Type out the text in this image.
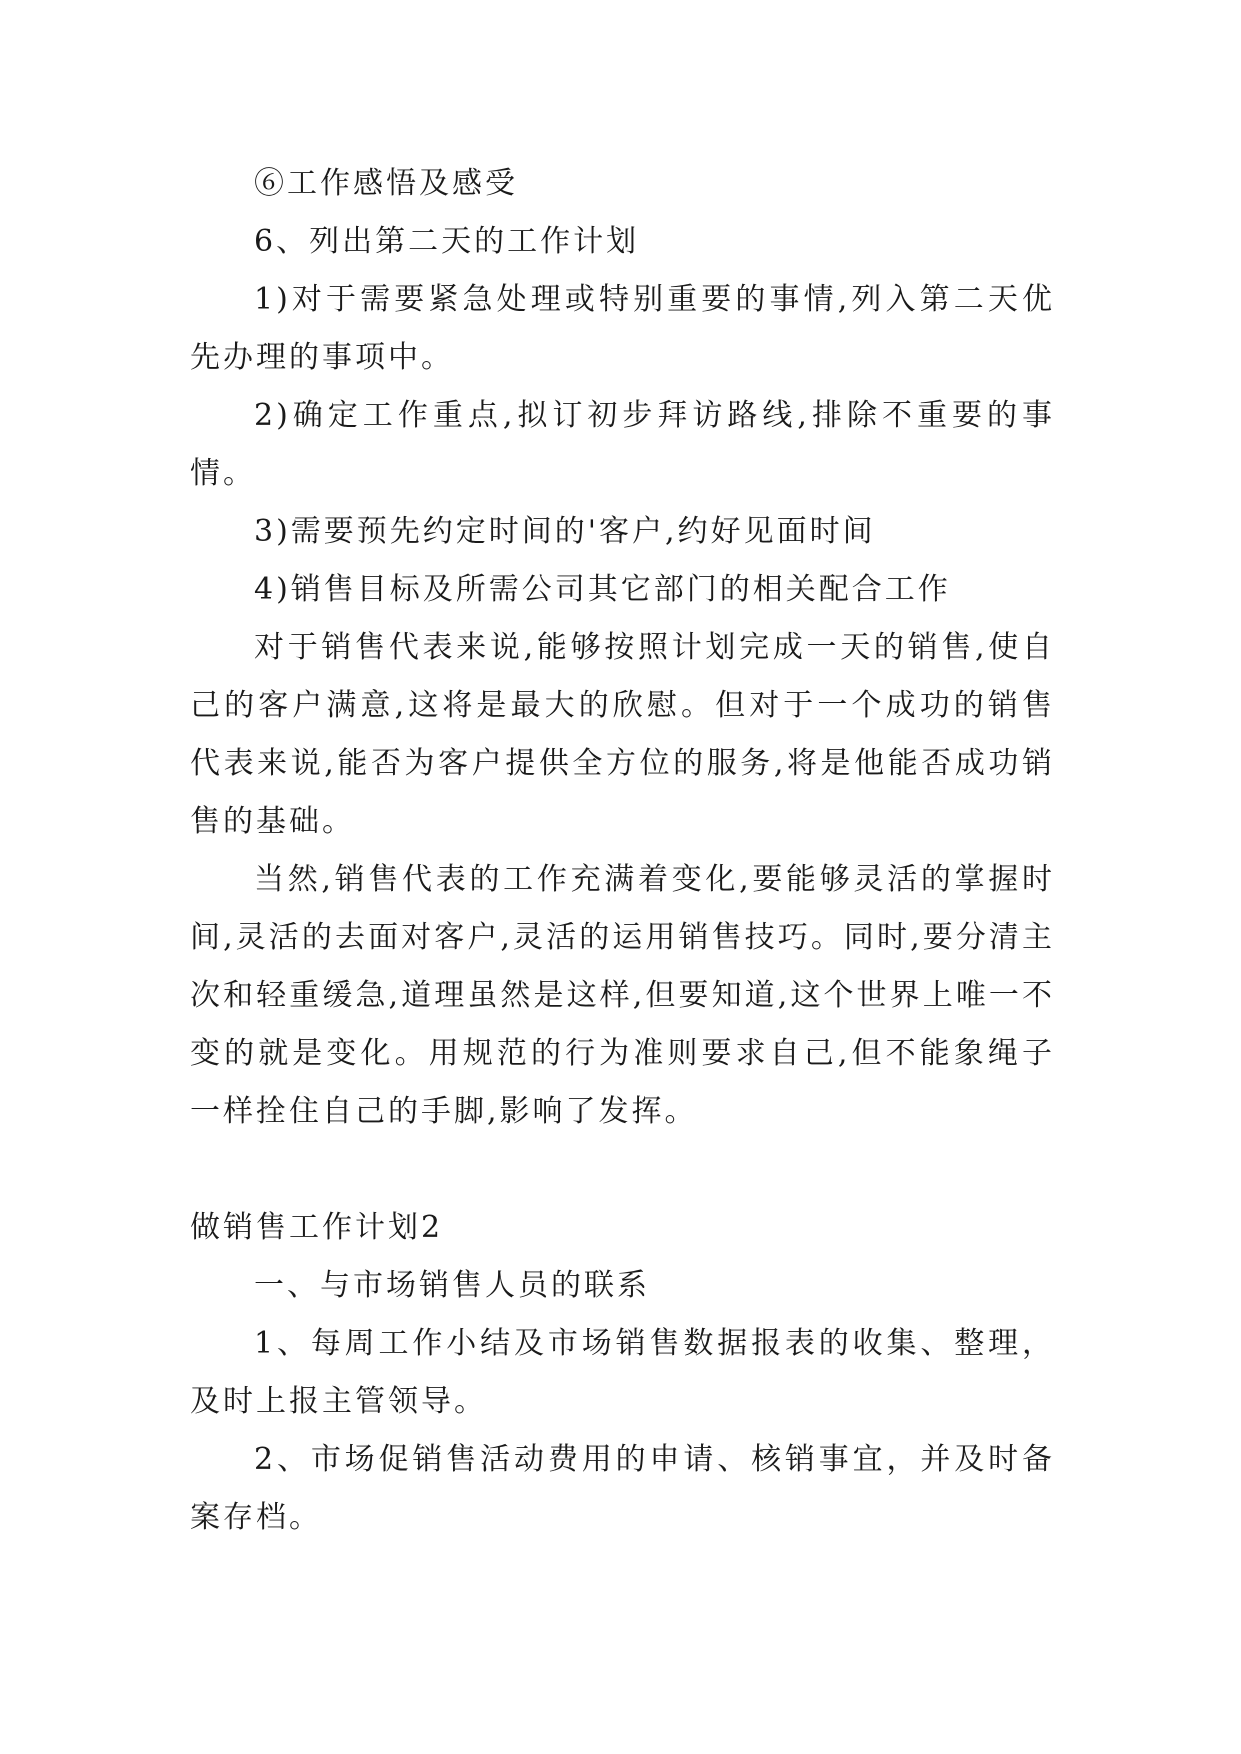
⑥工作感悟及感受

6、列出第二天的工作计划

1)对于需要紧急处理或特别重要的事情,列入第二天优先办理的事项中。

2)确定工作重点,拟订初步拜访路线,排除不重要的事情。

3)需要预先约定时间的'客户,约好见面时间

4)销售目标及所需公司其它部门的相关配合工作

对于销售代表来说,能够按照计划完成一天的销售,使自己的客户满意,这将是最大的欣慰。但对于一个成功的销售代表来说,能否为客户提供全方位的服务,将是他能否成功销售的基础。

当然,销售代表的工作充满着变化,要能够灵活的掌握时间,灵活的去面对客户,灵活的运用销售技巧。同时,要分清主次和轻重缓急,道理虽然是这样,但要知道,这个世界上唯一不变的就是变化。用规范的行为准则要求自己,但不能象绳子一样拴住自己的手脚,影响了发挥。

做销售工作计划2

一、与市场销售人员的联系

1、每周工作小结及市场销售数据报表的收集、整理，及时上报主管领导。

2、市场促销售活动费用的申请、核销事宜，并及时备案存档。
